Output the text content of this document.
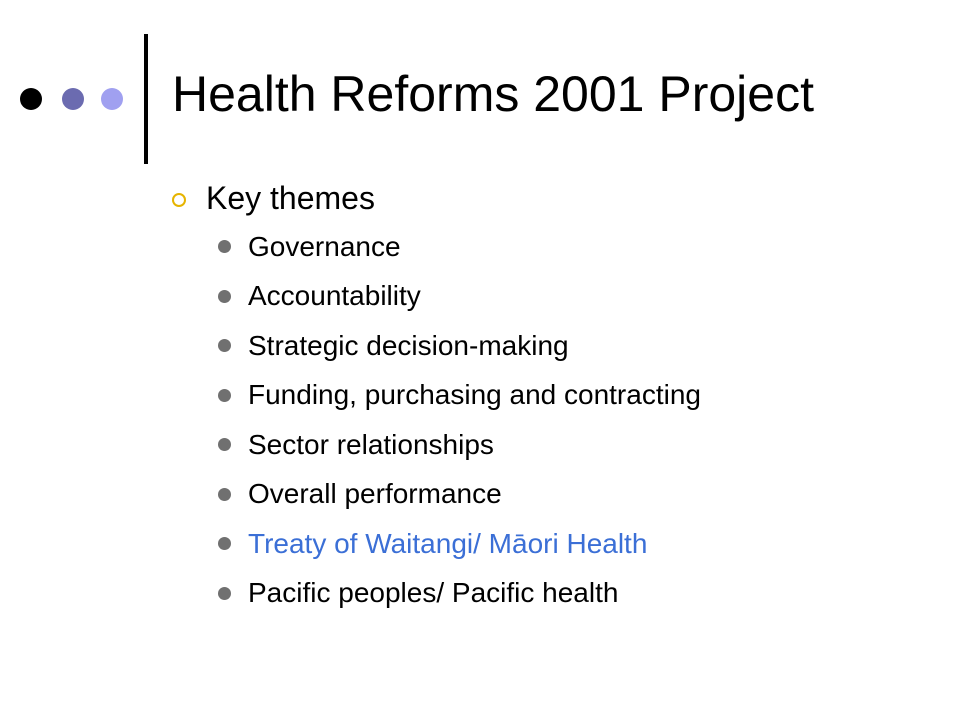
Health Reforms 2001 Project
Key themes
Governance
Accountability
Strategic decision-making
Funding, purchasing and contracting
Sector relationships
Overall performance
Treaty of Waitangi/ Māori Health
Pacific peoples/ Pacific health
